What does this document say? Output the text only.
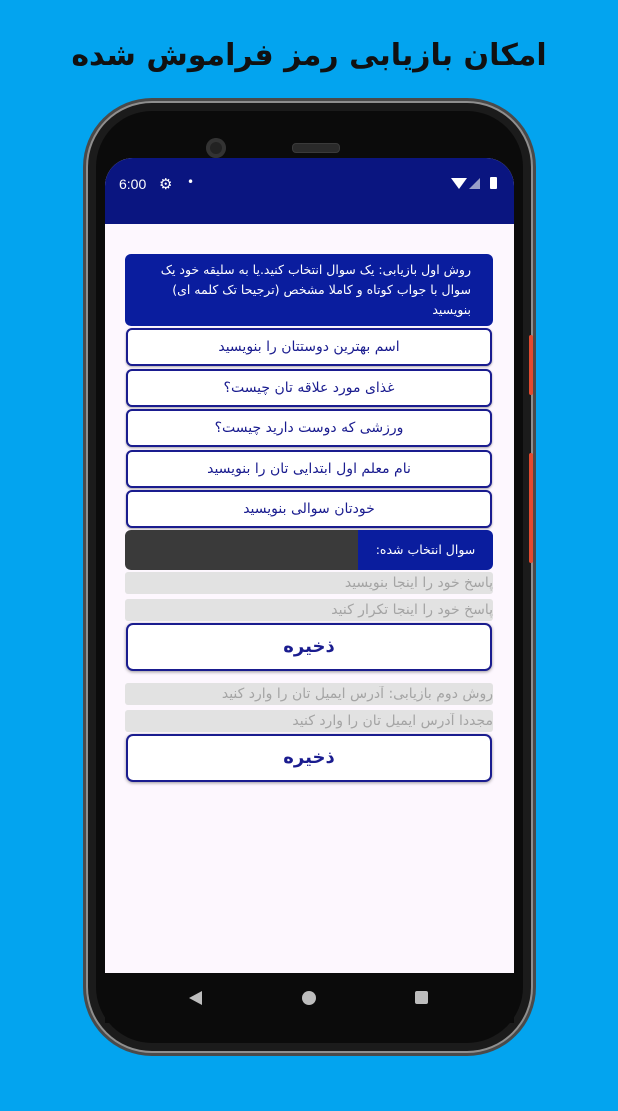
امکان بازیابی رمز فراموش شده
6:00 ⚙ •
روش اول بازیابی: یک سوال انتخاب کنید.یا به سلیقه خود یک سوال با جواب کوتاه و کاملا مشخص (ترجیحا تک کلمه ای) بنویسید
اسم بهترین دوستتان را بنویسید
غذای مورد علاقه تان چیست؟
ورزشی که دوست دارید چیست؟
نام معلم اول ابتدایی تان را بنویسید
خودتان سوالی بنویسید
سوال انتخاب شده:
پاسخ خود را اینجا بنویسید
پاسخ خود را اینجا تکرار کنید
ذخیره
روش دوم بازیابی: آدرس ایمیل تان را وارد کنید
مجددا آدرس ایمیل تان را وارد کنید
ذخیره
